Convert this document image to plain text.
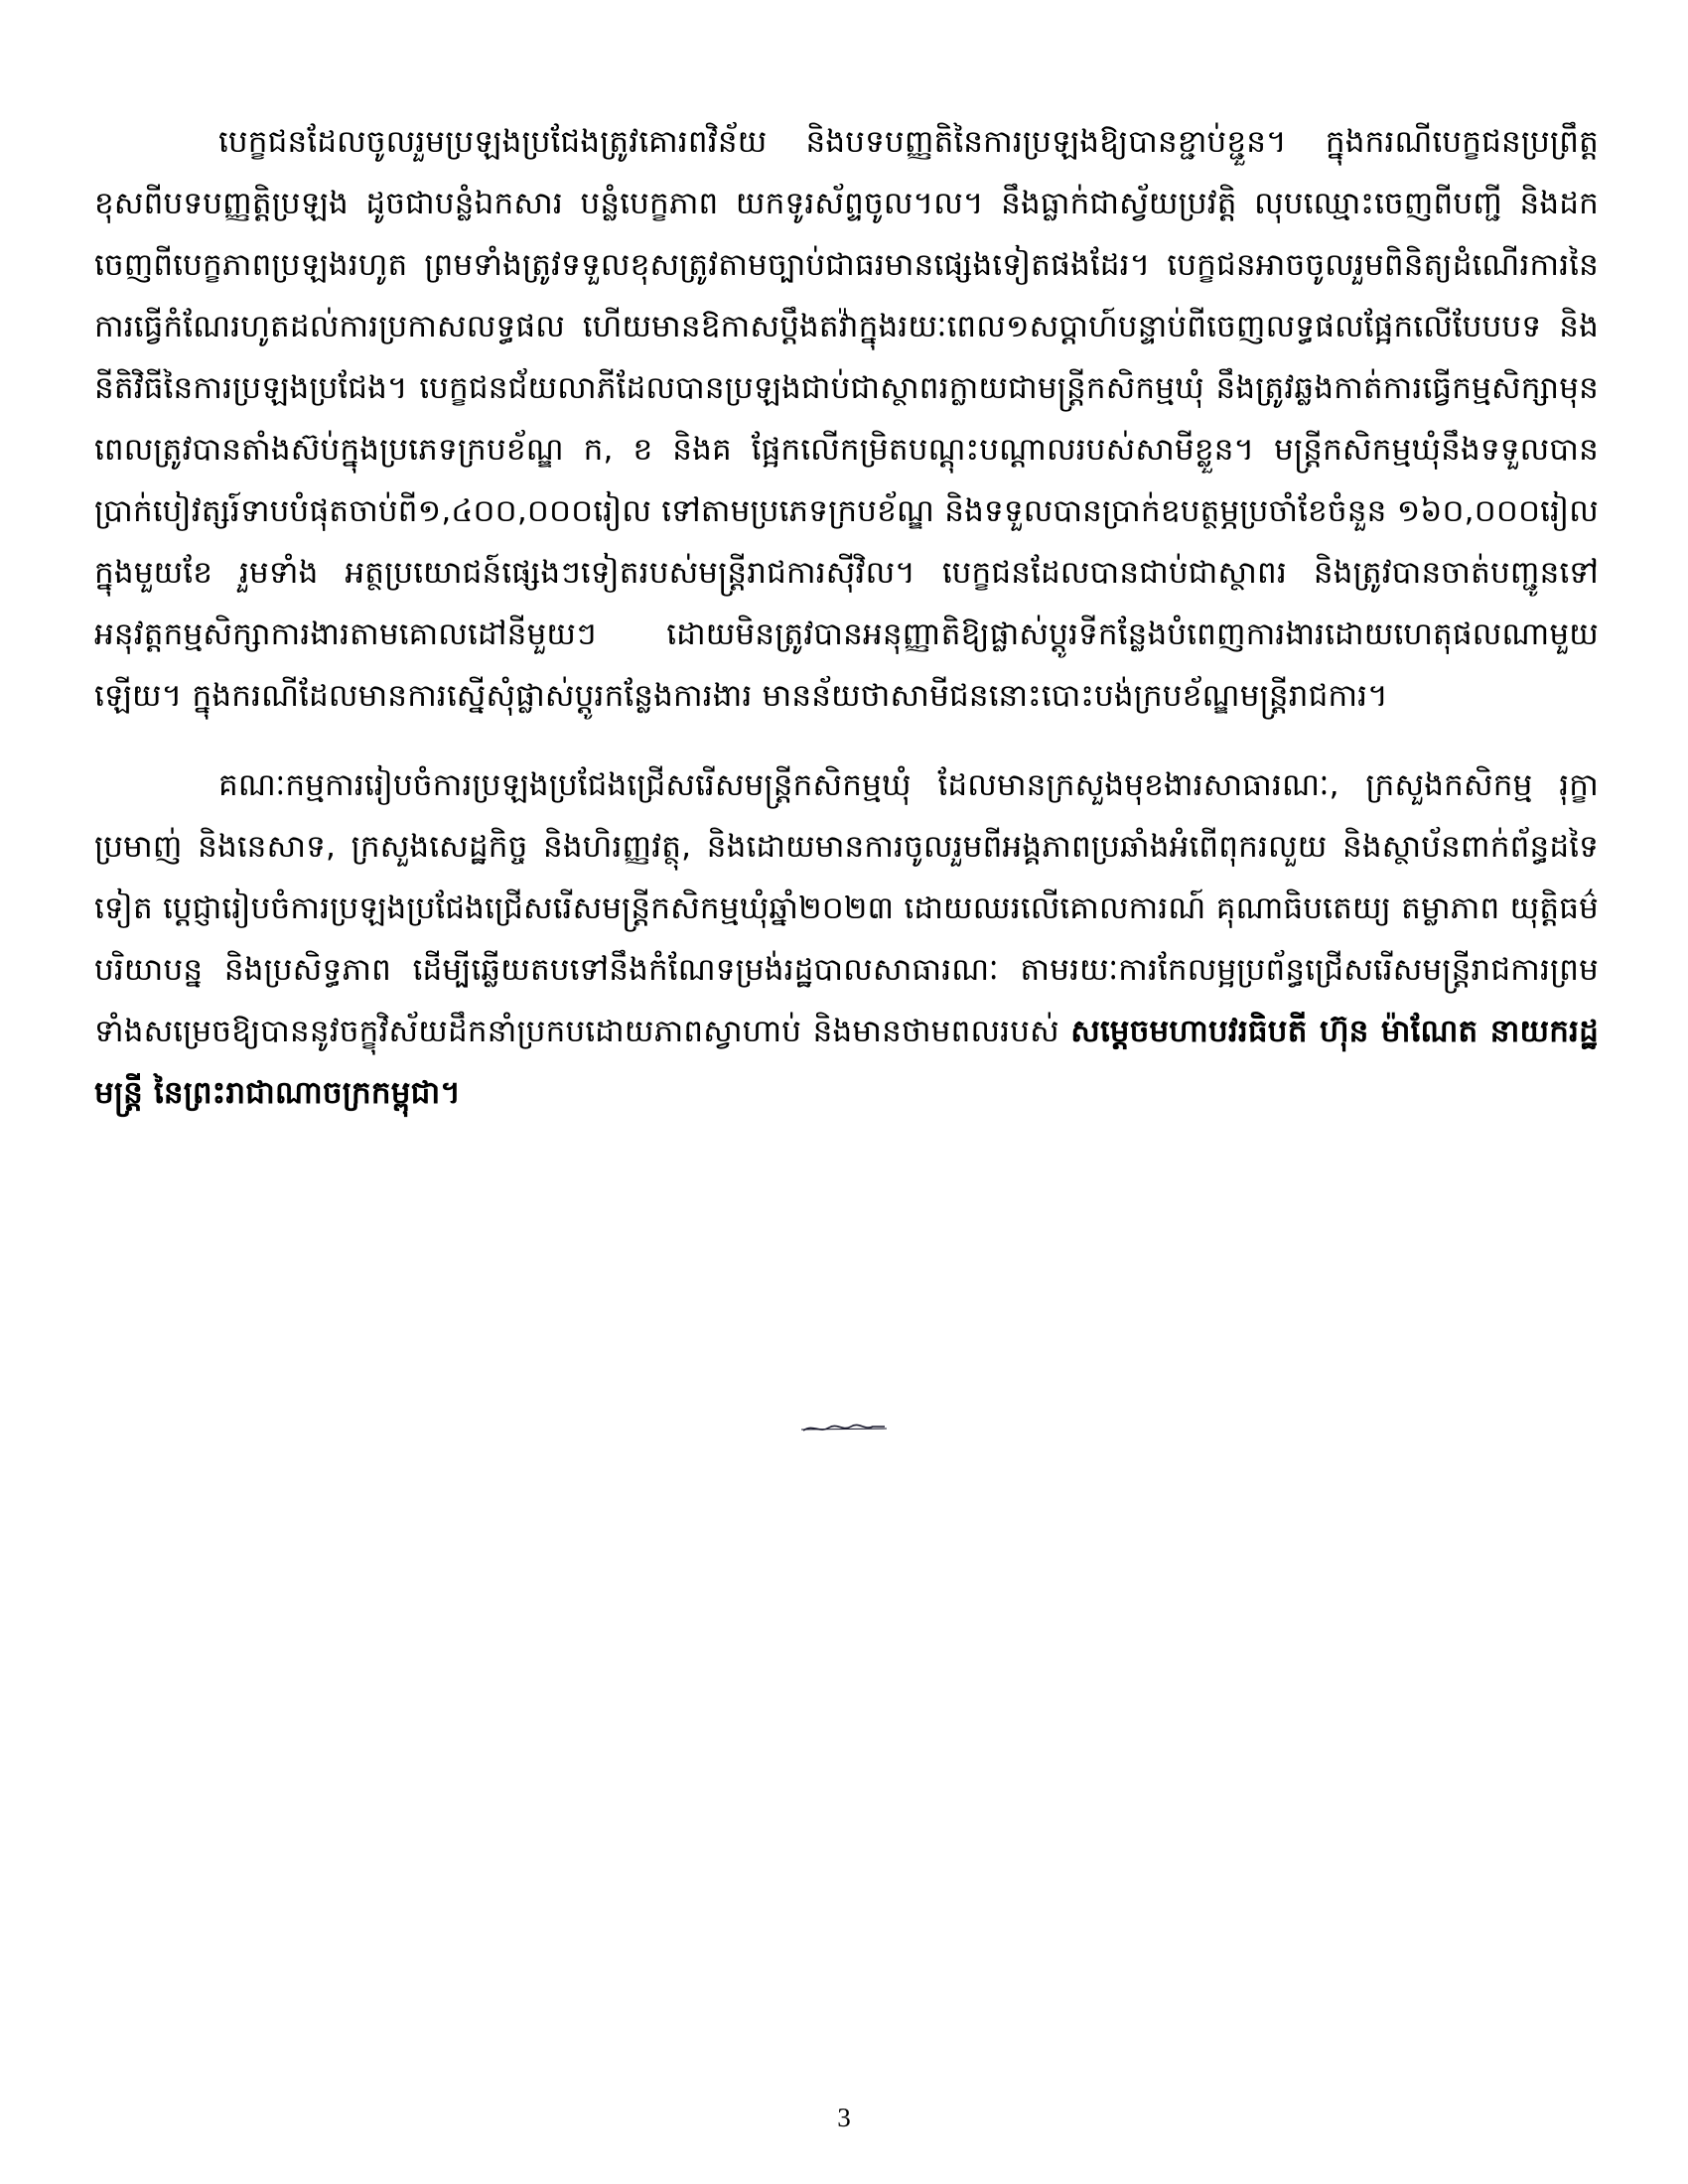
បេក្ខជនដែលចូលរួមប្រឡងប្រជែងត្រូវគោរពវិន័យ និងបទបញ្ញតិនៃការប្រឡងឱ្យបានខ្ជាប់ខ្ជួន។ ក្នុងករណីបេក្ខជនប្រព្រឹត្តខុសពីបទបញ្ញត្តិប្រឡង ដូចជាបន្លំឯកសារ បន្លំបេក្ខភាព យកទូរស័ព្ទចូល។ល។ នឹងធ្លាក់ជាស្វ័យប្រវត្តិ លុបឈ្មោះចេញពីបញ្ជី និងដកចេញពីបេក្ខភាពប្រឡងរហូត ព្រមទាំងត្រូវទទួលខុសត្រូវតាមច្បាប់ជាធរមានផ្សេងទៀតផងដែរ។ បេក្ខជនអាចចូលរួមពិនិត្យដំណើរការនៃការធ្វើកំណែរហូតដល់ការប្រកាសលទ្ធផល ហើយមានឱកាសប្ដឹងតវ៉ាក្នុងរយៈពេល១សប្ដាហ៍បន្ទាប់ពីចេញលទ្ធផលផ្អែកលើបែបបទ និងនីតិវិធីនៃការប្រឡងប្រជែង។ បេក្ខជនជ័យលាភីដែលបានប្រឡងជាប់ជាស្ថាពរក្លាយជាមន្ត្រីកសិកម្មឃុំ នឹងត្រូវឆ្លងកាត់ការធ្វើកម្មសិក្សាមុនពេលត្រូវបានតាំងស៊ប់ក្នុងប្រភេទក្របខ័ណ្ឌ ក, ខ និងគ ផ្អែកលើកម្រិតបណ្ដុះបណ្ដាលរបស់សាមីខ្លួន។ មន្ត្រីកសិកម្មឃុំនឹងទទួលបានប្រាក់បៀវត្សរ៍ទាបបំផុតចាប់ពី១,៤០០,០០០រៀល ទៅតាមប្រភេទក្របខ័ណ្ឌ និងទទួលបានប្រាក់ឧបត្ថម្ភប្រចាំខែចំនួន ១៦០,០០០រៀល ក្នុងមួយខែ រួមទាំង អត្ថប្រយោជន៍ផ្សេងៗទៀតរបស់មន្ត្រីរាជការស៊ីវិល។ បេក្ខជនដែលបានជាប់ជាស្ថាពរ និងត្រូវបានចាត់បញ្ជូនទៅអនុវត្តកម្មសិក្សាការងារតាមគោលដៅនីមួយៗ ដោយមិនត្រូវបានអនុញ្ញាតិឱ្យផ្លាស់ប្ដូរទីកន្លែងបំពេញការងារដោយហេតុផលណាមួយឡើយ។ ក្នុងករណីដែលមានការស្នើសុំផ្លាស់ប្ដូរកន្លែងការងារ មានន័យថាសាមីជននោះបោះបង់ក្របខ័ណ្ឌមន្ត្រីរាជការ។

គណៈកម្មការរៀបចំការប្រឡងប្រជែងជ្រើសរើសមន្ត្រីកសិកម្មឃុំ ដែលមានក្រសួងមុខងារសាធារណៈ, ក្រសួងកសិកម្ម រុក្ខាប្រមាញ់ និងនេសាទ, ក្រសួងសេដ្ឋកិច្ច និងហិរញ្ញវត្ថុ, និងដោយមានការចូលរួមពីអង្គភាពប្រឆាំងអំពើពុករលួយ និងស្ថាប័នពាក់ព័ន្ធដទៃទៀត ប្ដេជ្ញារៀបចំការប្រឡងប្រជែងជ្រើសរើសមន្ត្រីកសិកម្មឃុំឆ្នាំ២០២៣ ដោយឈរលើគោលការណ៍ គុណាធិបតេយ្យ តម្លាភាព យុត្តិធម៌ បរិយាបន្ន និងប្រសិទ្ធភាព ដើម្បីឆ្លើយតបទៅនឹងកំណែទម្រង់រដ្ឋបាលសាធារណៈ តាមរយៈការកែលម្អប្រព័ន្ធជ្រើសរើសមន្ត្រីរាជការព្រមទាំងសម្រេចឱ្យបាននូវចក្ខុវិស័យដឹកនាំប្រកបដោយភាពស្វាហាប់ និងមានថាមពលរបស់ សម្ដេចមហាបវរធិបតី ហ៊ុន ម៉ាណែត នាយករដ្ឋមន្ត្រី នៃព្រះរាជាណាចក្រកម្ពុជា។

3
